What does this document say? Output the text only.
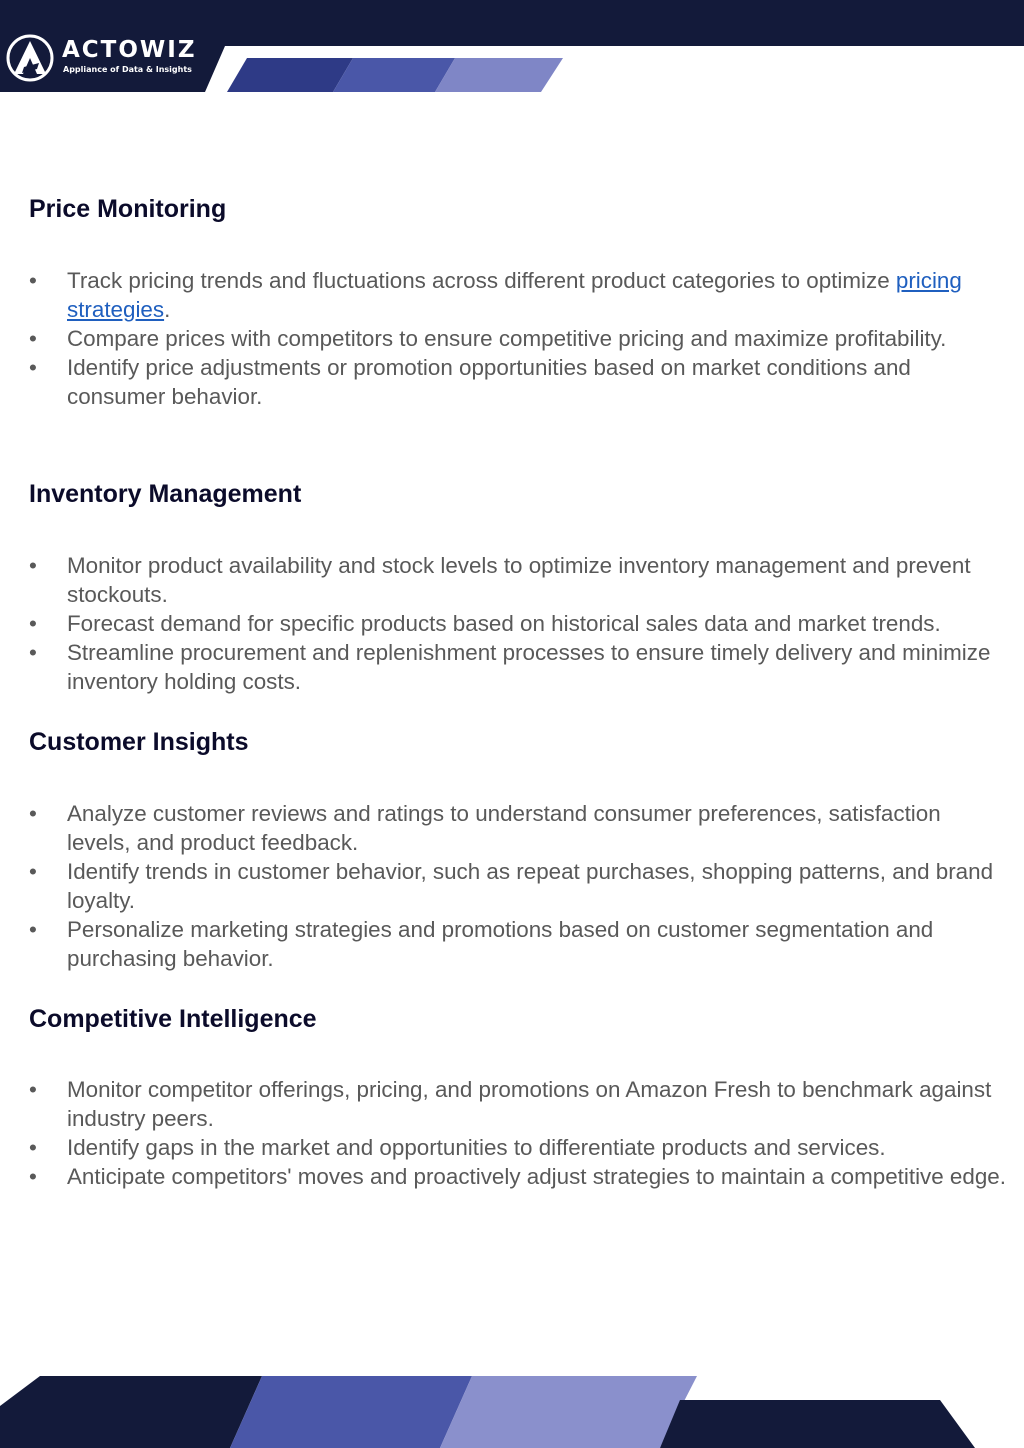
ACTOWIZ
Appliance of Data & Insights
Price Monitoring
• Track pricing trends and fluctuations across different product categories to optimize pricing strategies.
• Compare prices with competitors to ensure competitive pricing and maximize profitability.
• Identify price adjustments or promotion opportunities based on market conditions and consumer behavior.
Inventory Management
• Monitor product availability and stock levels to optimize inventory management and prevent stockouts.
• Forecast demand for specific products based on historical sales data and market trends.
• Streamline procurement and replenishment processes to ensure timely delivery and minimize inventory holding costs.
Customer Insights
• Analyze customer reviews and ratings to understand consumer preferences, satisfaction levels, and product feedback.
• Identify trends in customer behavior, such as repeat purchases, shopping patterns, and brand loyalty.
• Personalize marketing strategies and promotions based on customer segmentation and purchasing behavior.
Competitive Intelligence
• Monitor competitor offerings, pricing, and promotions on Amazon Fresh to benchmark against industry peers.
• Identify gaps in the market and opportunities to differentiate products and services.
• Anticipate competitors' moves and proactively adjust strategies to maintain a competitive edge.
